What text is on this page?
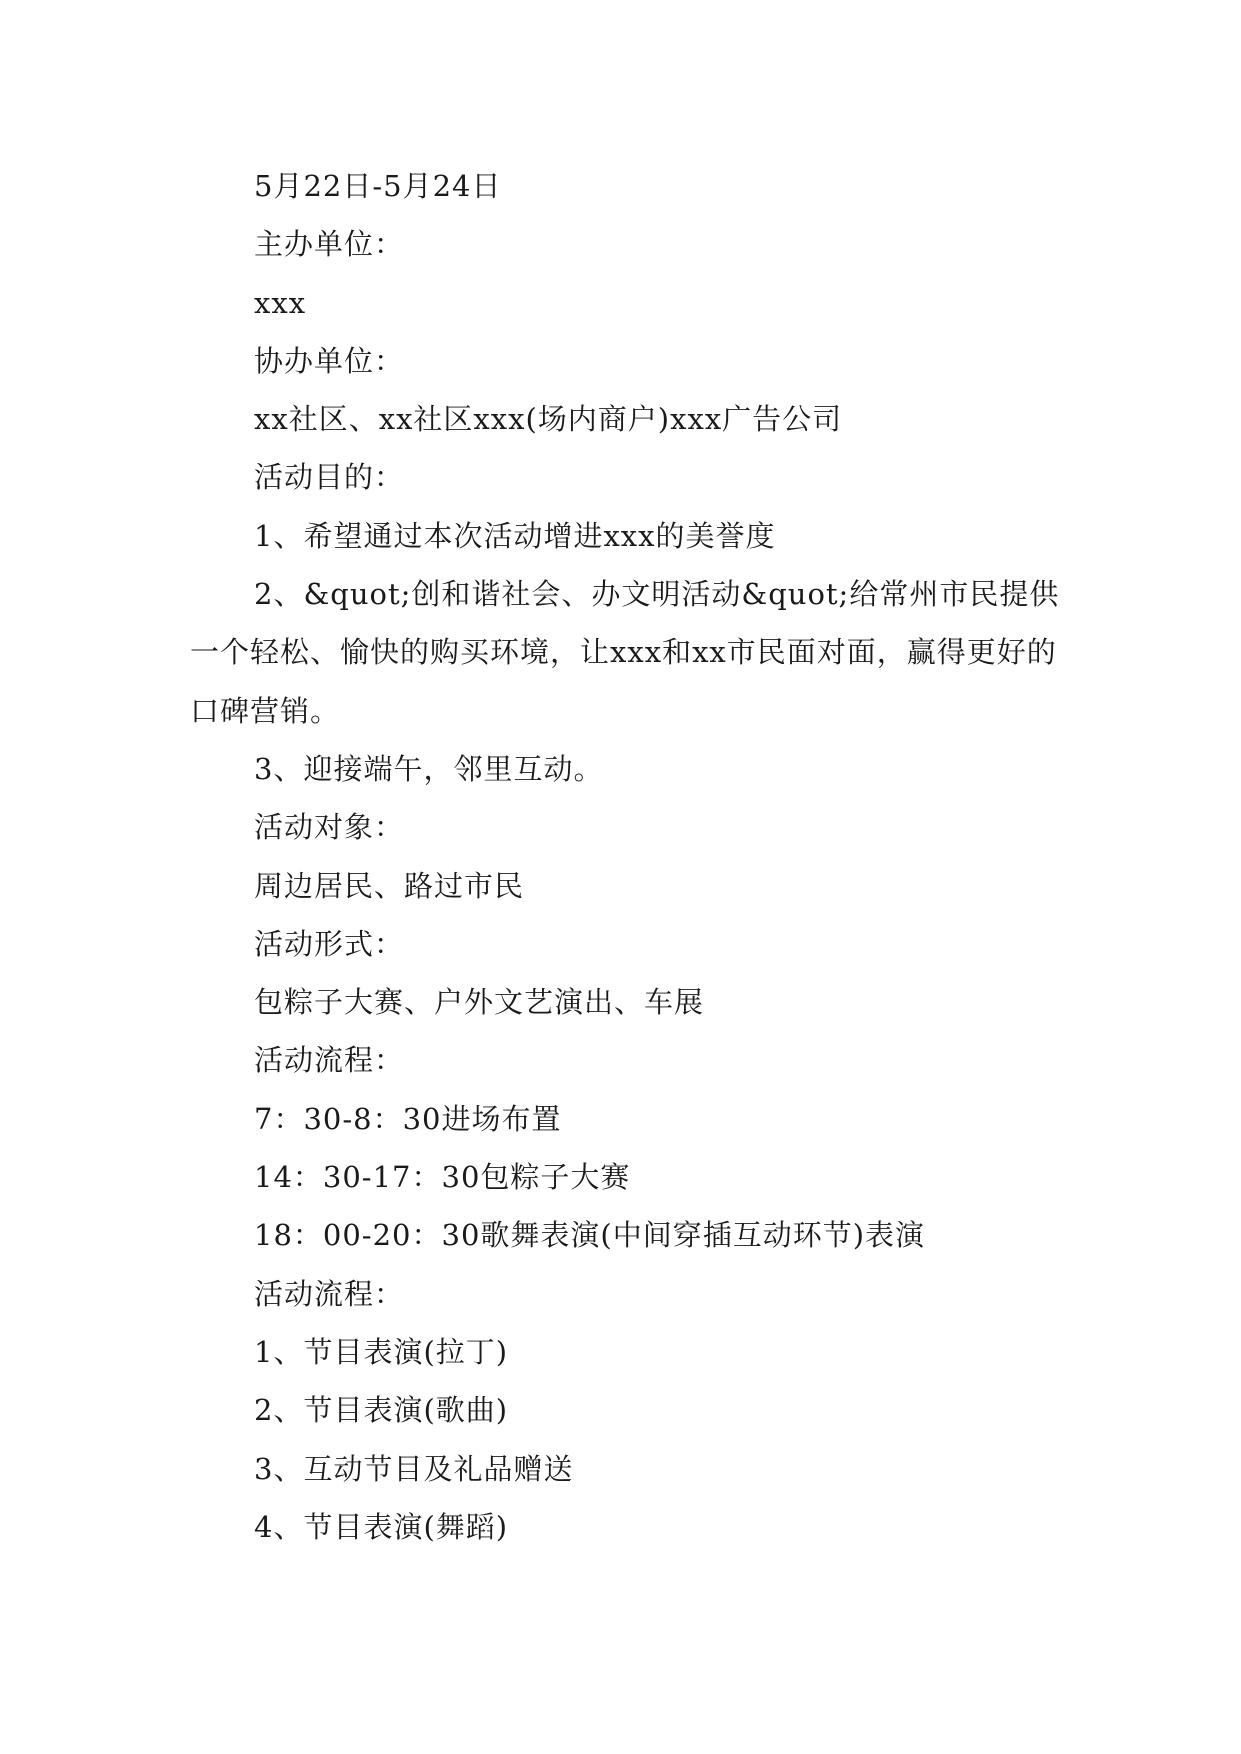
5月22日-5月24日
主办单位：
xxx
协办单位：
xx社区、xx社区xxx(场内商户)xxx广告公司
活动目的：
1、希望通过本次活动增进xxx的美誉度
2、&quot;创和谐社会、办文明活动&quot;给常州市民提供一个轻松、愉快的购买环境，让xxx和xx市民面对面，赢得更好的口碑营销。
3、迎接端午，邻里互动。
活动对象：
周边居民、路过市民
活动形式：
包粽子大赛、户外文艺演出、车展
活动流程：
7：30-8：30进场布置
14：30-17：30包粽子大赛
18：00-20：30歌舞表演(中间穿插互动环节)表演
活动流程：
1、节目表演(拉丁)
2、节目表演(歌曲)
3、互动节目及礼品赠送
4、节目表演(舞蹈)
